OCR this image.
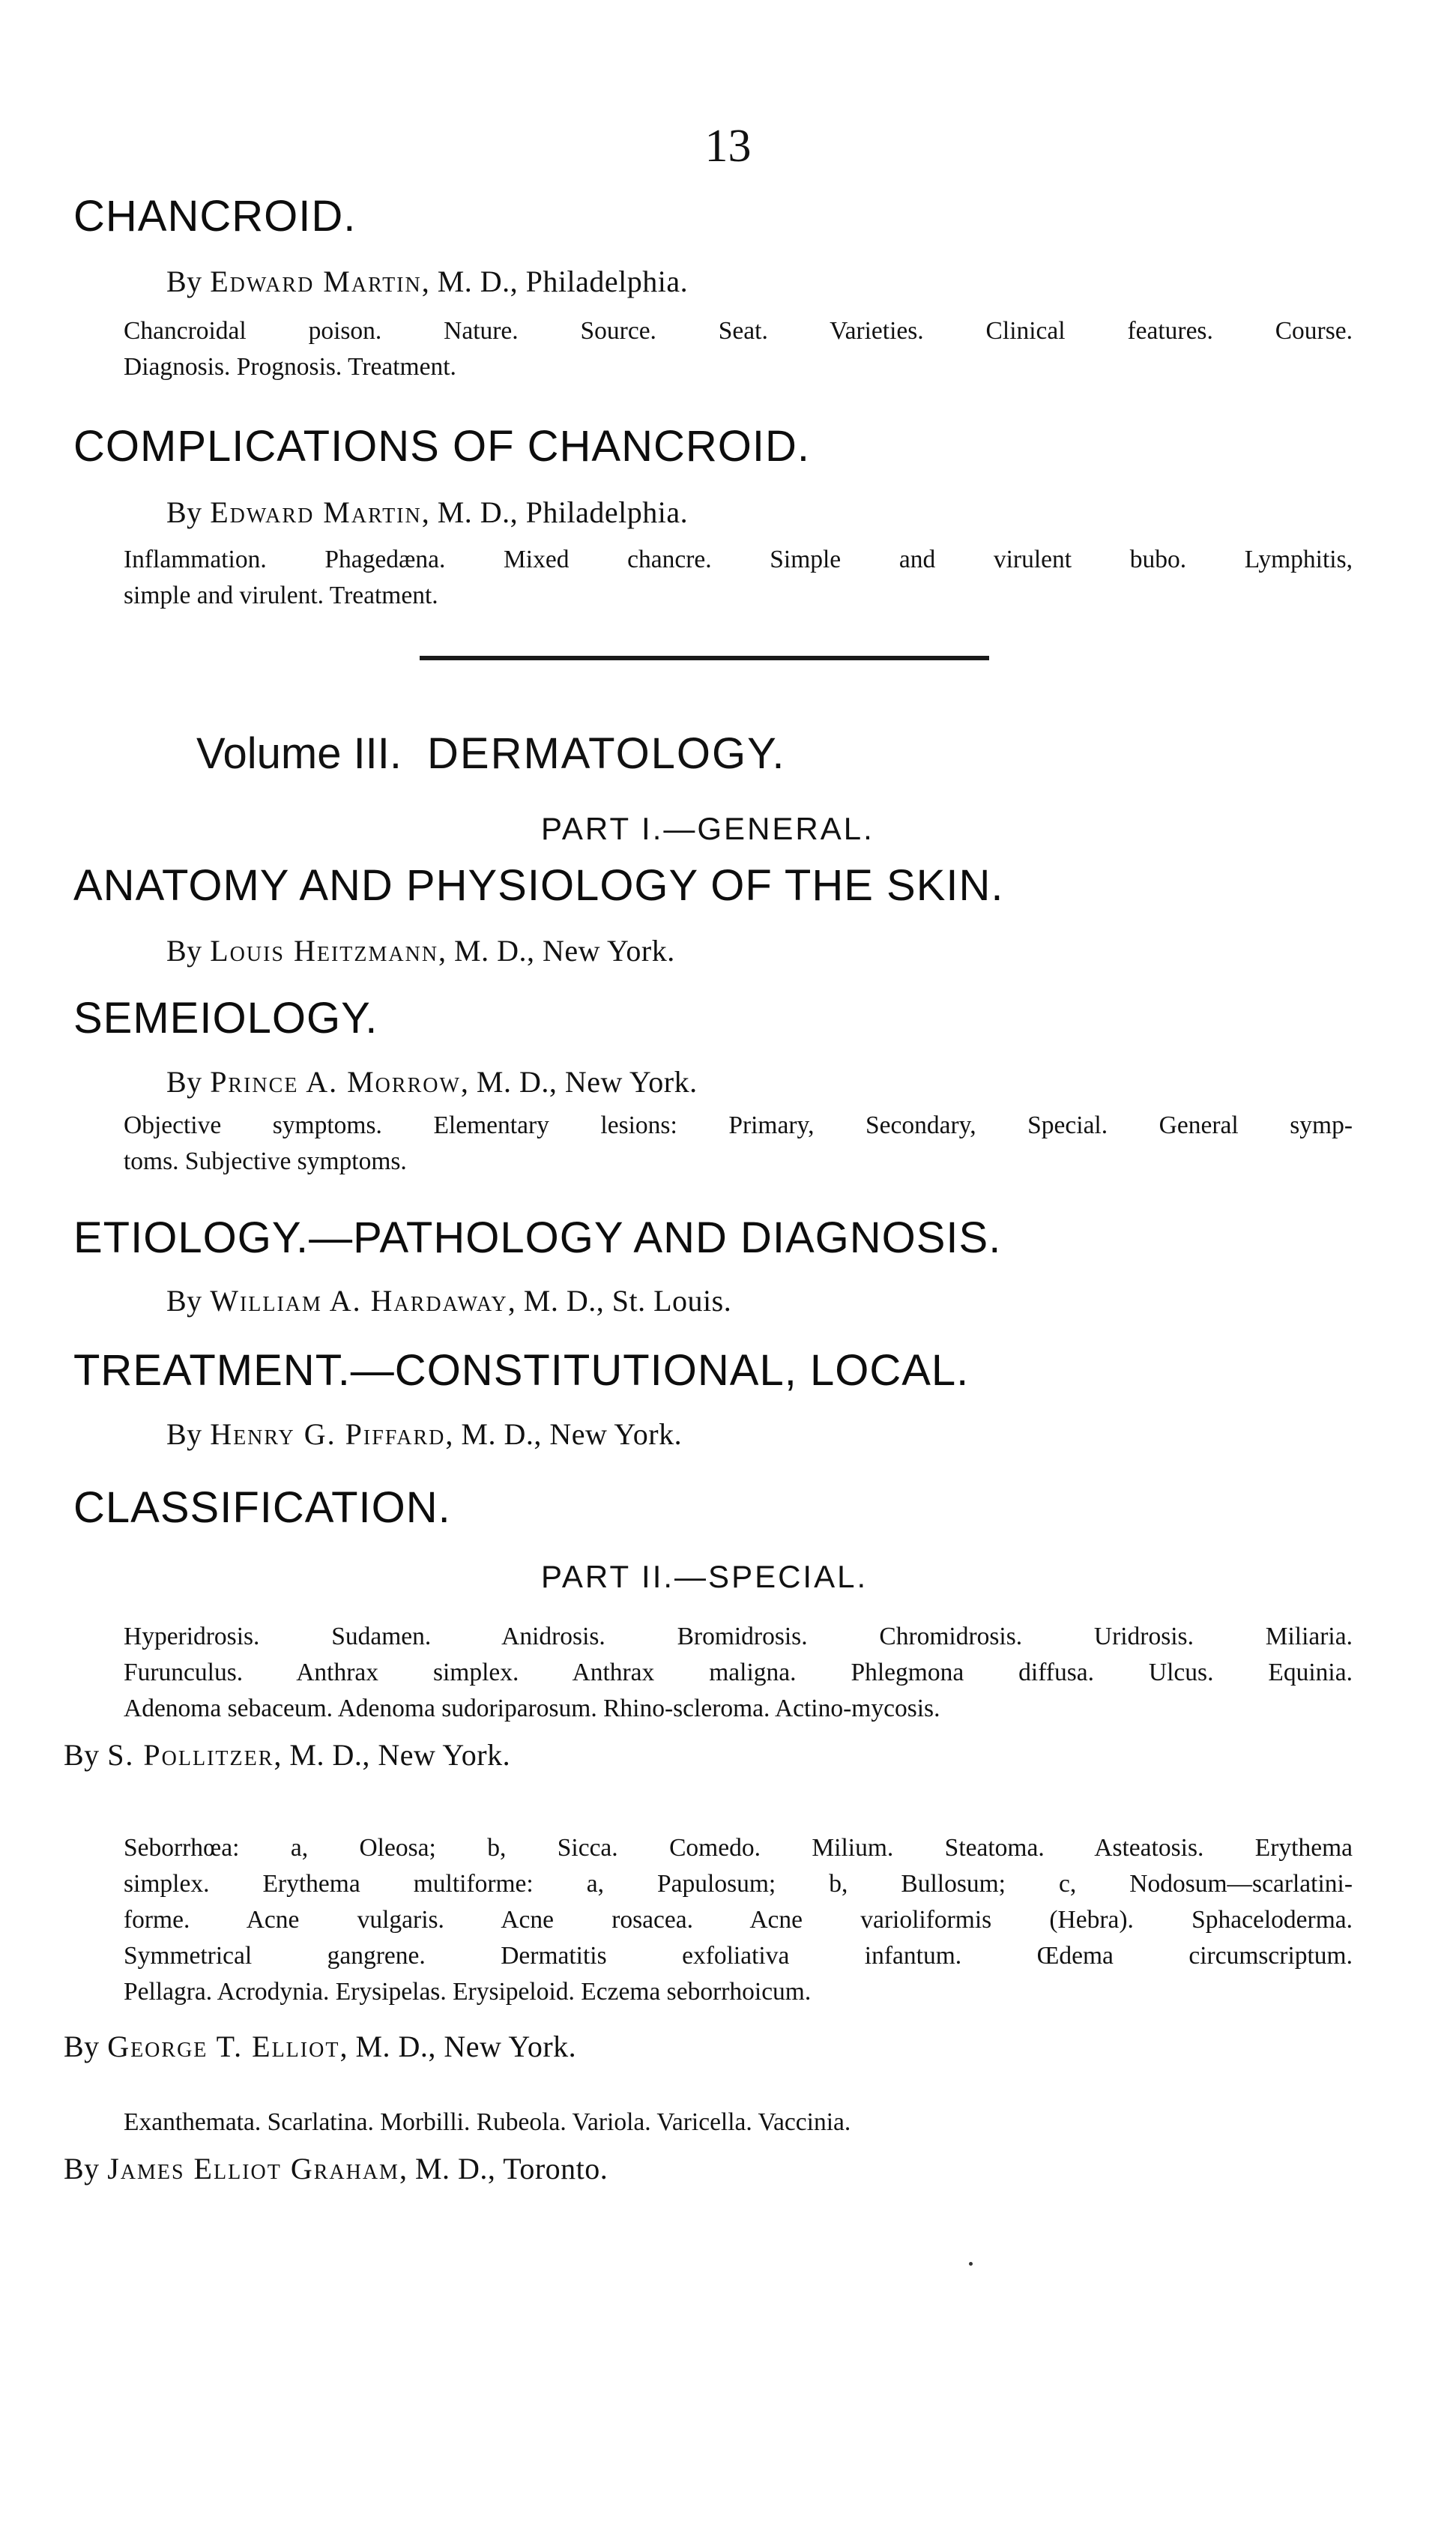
13
CHANCROID.
By Edward Martin, M. D., Philadelphia.
Chancroidal poison. Nature. Source. Seat. Varieties. Clinical features. Course.
Diagnosis. Prognosis. Treatment.
COMPLICATIONS OF CHANCROID.
By Edward Martin, M. D., Philadelphia.
Inflammation. Phagedæna. Mixed chancre. Simple and virulent bubo. Lymphitis,
simple and virulent. Treatment.
Volume III. DERMATOLOGY.
PART I.—GENERAL.
ANATOMY AND PHYSIOLOGY OF THE SKIN.
By Louis Heitzmann, M. D., New York.
SEMEIOLOGY.
By Prince A. Morrow, M. D., New York.
Objective symptoms. Elementary lesions: Primary, Secondary, Special. General symp-
toms. Subjective symptoms.
ETIOLOGY.—PATHOLOGY AND DIAGNOSIS.
By William A. Hardaway, M. D., St. Louis.
TREATMENT.—CONSTITUTIONAL, LOCAL.
By Henry G. Piffard, M. D., New York.
CLASSIFICATION.
PART II.—SPECIAL.
Hyperidrosis. Sudamen. Anidrosis. Bromidrosis. Chromidrosis. Uridrosis. Miliaria.
Furunculus. Anthrax simplex. Anthrax maligna. Phlegmona diffusa. Ulcus. Equinia.
Adenoma sebaceum. Adenoma sudoriparosum. Rhino-scleroma. Actino-mycosis.
By S. Pollitzer, M. D., New York.
Seborrhœa: a, Oleosa; b, Sicca. Comedo. Milium. Steatoma. Asteatosis. Erythema
simplex. Erythema multiforme: a, Papulosum; b, Bullosum; c, Nodosum—scarlatini-
forme. Acne vulgaris. Acne rosacea. Acne varioliformis (Hebra). Sphaceloderma.
Symmetrical gangrene. Dermatitis exfoliativa infantum. Œdema circumscriptum.
Pellagra. Acrodynia. Erysipelas. Erysipeloid. Eczema seborrhoicum.
By George T. Elliot, M. D., New York.
Exanthemata. Scarlatina. Morbilli. Rubeola. Variola. Varicella. Vaccinia.
By James Elliot Graham, M. D., Toronto.
